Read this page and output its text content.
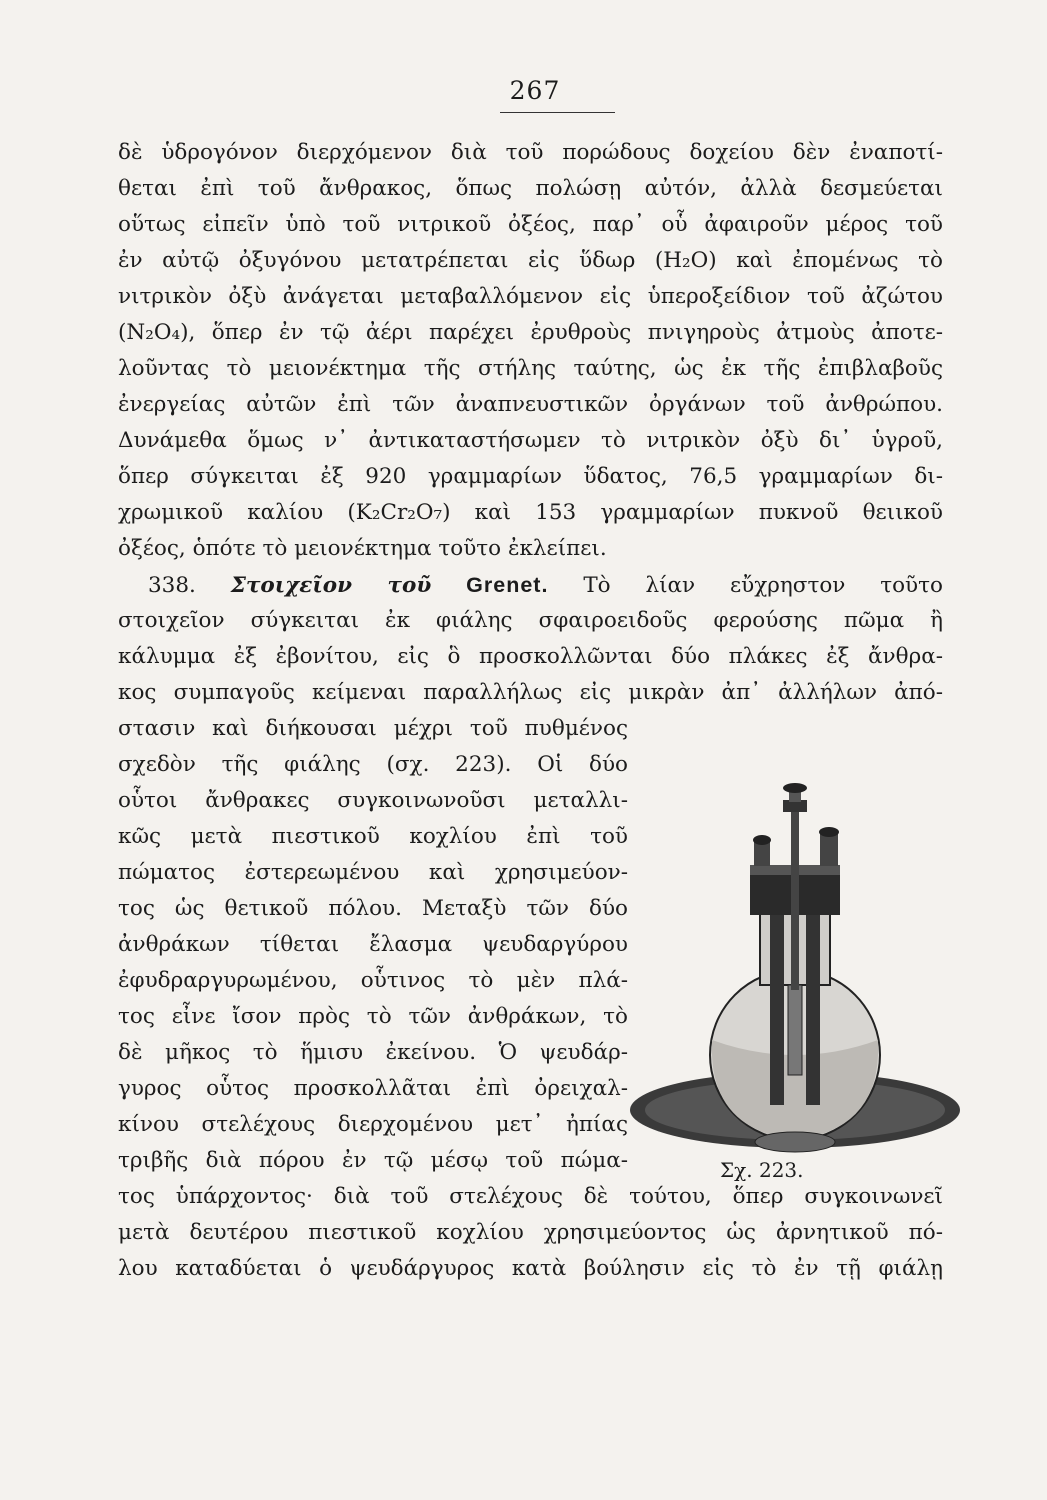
267
δὲ ὑδρογόνον διερχόμενον διὰ τοῦ πορώδους δοχείου δὲν ἐναποτί-
θεται ἐπὶ τοῦ ἄνθρακος, ὅπως πολώσῃ αὐτόν, ἀλλὰ δεσμεύεται
οὕτως εἰπεῖν ὑπὸ τοῦ νιτρικοῦ ὀξέος, παρ᾽ οὗ ἀφαιροῦν μέρος τοῦ
ἐν αὐτῷ ὀξυγόνου μετατρέπεται εἰς ὕδωρ (H₂O) καὶ ἐπομένως τὸ
νιτρικὸν ὀξὺ ἀνάγεται μεταβαλλόμενον εἰς ὑπεροξείδιον τοῦ ἀζώτου
(N₂O₄), ὅπερ ἐν τῷ ἀέρι παρέχει ἐρυθροὺς πνιγηροὺς ἀτμοὺς ἀποτε-
λοῦντας τὸ μειονέκτημα τῆς στήλης ταύτης, ὡς ἐκ τῆς ἐπιβλαβοῦς
ἐνεργείας αὐτῶν ἐπὶ τῶν ἀναπνευστικῶν ὀργάνων τοῦ ἀνθρώπου.
Δυνάμεθα ὅμως ν᾽ ἀντικαταστήσωμεν τὸ νιτρικὸν ὀξὺ δι᾽ ὑγροῦ,
ὅπερ σύγκειται ἐξ 920 γραμμαρίων ὕδατος, 76,5 γραμμαρίων δι-
χρωμικοῦ καλίου (K₂Cr₂O₇) καὶ 153 γραμμαρίων πυκνοῦ θειικοῦ
ὀξέος, ὁπότε τὸ μειονέκτημα τοῦτο ἐκλείπει.
338. Στοιχεῖον τοῦ Grenet. Τὸ λίαν εὔχρηστον τοῦτο
στοιχεῖον σύγκειται ἐκ φιάλης σφαιροειδοῦς φερούσης πῶμα ἢ
κάλυμμα ἐξ ἐβονίτου, εἰς ὃ προσκολλῶνται δύο πλάκες ἐξ ἄνθρα-
κος συμπαγοῦς κείμεναι παραλλήλως εἰς μικρὰν ἀπ᾽ ἀλλήλων ἀπό-
στασιν καὶ διήκουσαι μέχρι τοῦ πυθμένος
σχεδὸν τῆς φιάλης (σχ. 223). Οἱ δύο
οὗτοι ἄνθρακες συγκοινωνοῦσι μεταλλι-
κῶς μετὰ πιεστικοῦ κοχλίου ἐπὶ τοῦ
πώματος ἐστερεωμένου καὶ χρησιμεύον-
τος ὡς θετικοῦ πόλου. Μεταξὺ τῶν δύο
ἀνθράκων τίθεται ἔλασμα ψευδαργύρου
ἐφυδραργυρωμένου, οὗτινος τὸ μὲν πλά-
τος εἶνε ἴσον πρὸς τὸ τῶν ἀνθράκων, τὸ
δὲ μῆκος τὸ ἥμισυ ἐκείνου. Ὁ ψευδάρ-
γυρος οὗτος προσκολλᾶται ἐπὶ ὀρειχαλ-
κίνου στελέχους διερχομένου μετ᾽ ἠπίας
τριβῆς διὰ πόρου ἐν τῷ μέσῳ τοῦ πώμα-
τος ὑπάρχοντος· διὰ τοῦ στελέχους δὲ τούτου, ὅπερ συγκοινωνεῖ
μετὰ δευτέρου πιεστικοῦ κοχλίου χρησιμεύοντος ὡς ἀρνητικοῦ πό-
λου καταδύεται ὁ ψευδάργυρος κατὰ βούλησιν εἰς τὸ ἐν τῇ φιάλῃ
Σχ. 223.
